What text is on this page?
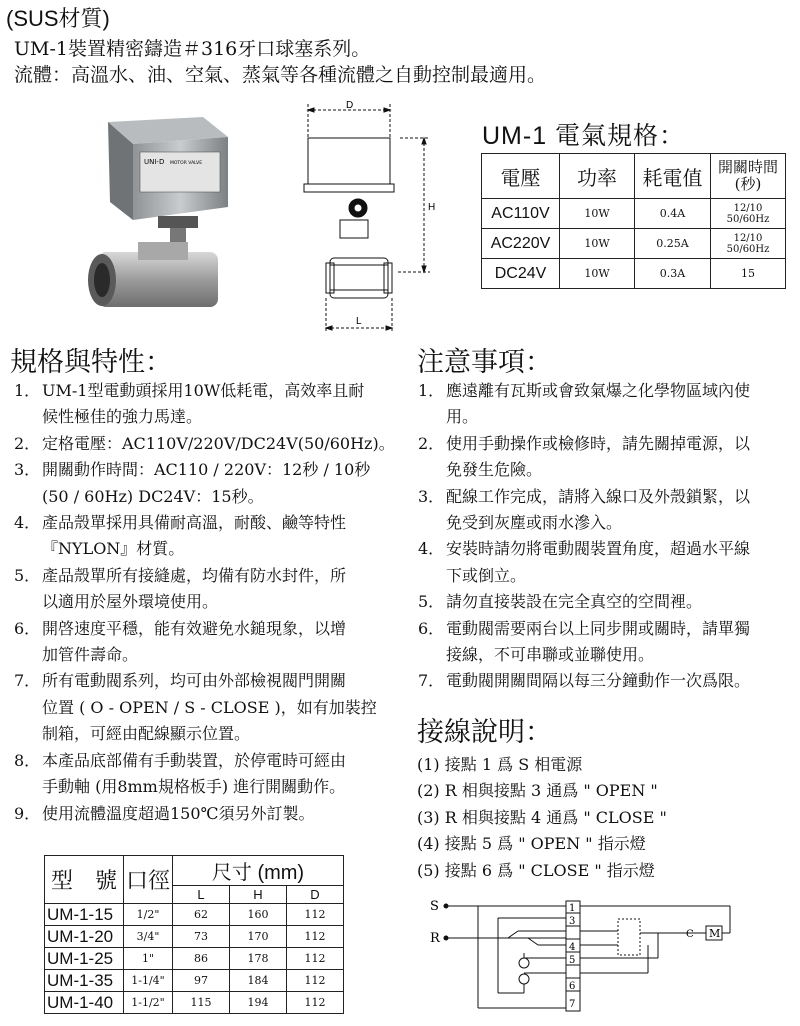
(SUS材質)
UM-1裝置精密鑄造＃316牙口球塞系列。
流體：高溫水、油、空氣、蒸氣等各種流體之自動控制最適用。
UNI-D MOTOR VALVE
D
H
L
UM-1 電氣規格：
電壓	功率	耗電值	開關時間
(秒)

AC110V	10W	0.4A	12/10
50/60Hz

AC220V	10W	0.25A	12/10
50/60Hz

DC24V	10W	0.3A	15
規格與特性：	注意事項：
接線說明：
1． UM-1型電動頭採用10W低耗電，高效率且耐
候性極佳的強力馬達。
2． 定格電壓：AC110V/220V/DC24V(50/60Hz)。
3． 開關動作時間：AC110 / 220V：12秒 / 10秒
(50 / 60Hz) DC24V：15秒。
4． 產品殼單採用具備耐高溫，耐酸、鹼等特性
『NYLON』材質。
5． 產品殼單所有接縫處，均備有防水封件，所
以適用於屋外環境使用。
6． 開啓速度平穩，能有效避免水鎚現象，以增
加管件壽命。
7． 所有電動閥系列，均可由外部檢視閥門開關
位置 ( O - OPEN / S - CLOSE )，如有加裝控
制箱，可經由配線顯示位置。
8． 本產品底部備有手動裝置，於停電時可經由
手動軸 (用8mm規格板手) 進行開關動作。
9． 使用流體溫度超過150℃須另外訂製。
1． 應遠離有瓦斯或會致氣爆之化學物區域內使
用。
2． 使用手動操作或檢修時，請先關掉電源，以
免發生危險。
3． 配線工作完成，請將入線口及外殼鎖緊，以
免受到灰塵或雨水滲入。
4． 安裝時請勿將電動閥裝置角度，超過水平線
下或倒立。
5． 請勿直接裝設在完全真空的空間裡。
6． 電動閥需要兩台以上同步開或關時，請單獨
接線，不可串聯或並聯使用。
7． 電動閥開關間隔以每三分鐘動作一次爲限。
(1) 接點 1 爲 S 相電源
(2) R 相與接點 3 通爲 " OPEN "
(3) R 相與接點 4 通爲 " CLOSE "
(4) 接點 5 爲 " OPEN " 指示燈
(5) 接點 6 爲 " CLOSE " 指示燈
型　號	口徑	尺寸 (mm)		
		L	H	D
UM-1-15	1/2"	62	160	112
UM-1-20	3/4"	73	170	112
UM-1-25	1"	86	178	112
UM-1-35	1-1/4"	97	184	112
UM-1-40	1-1/2"	115	194	112
S
R
1
3
4
5
6
7
C M
